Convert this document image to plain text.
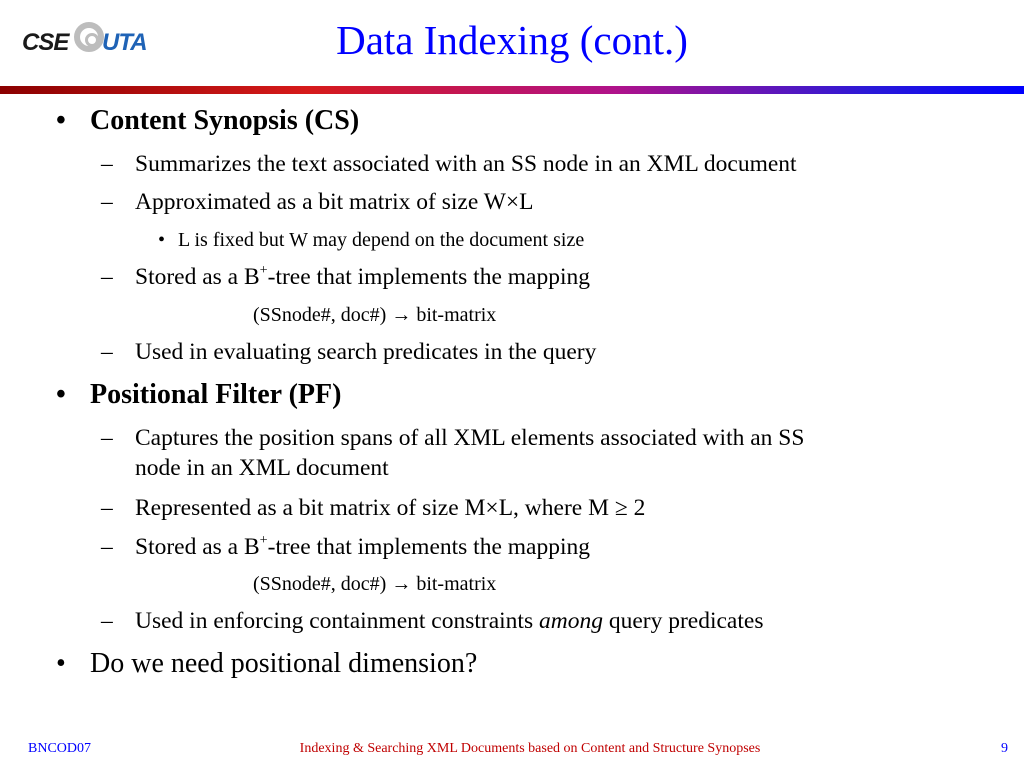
CSE UTA	Data Indexing (cont.)
• Content Synopsis (CS)
– Summarizes the text associated with an SS node in an XML document
– Approximated as a bit matrix of size W×L
• L is fixed but W may depend on the document size
– Stored as a B+-tree that implements the mapping
(SSnode#, doc#) → bit-matrix
– Used in evaluating search predicates in the query
• Positional Filter (PF)
– Captures the position spans of all XML elements associated with an SS
node in an XML document
– Represented as a bit matrix of size M×L, where M ≥ 2
– Stored as a B+-tree that implements the mapping
(SSnode#, doc#) → bit-matrix
– Used in enforcing containment constraints among query predicates
• Do we need positional dimension?
BNCOD07	Indexing & Searching XML Documents based on Content and Structure Synopses	9
